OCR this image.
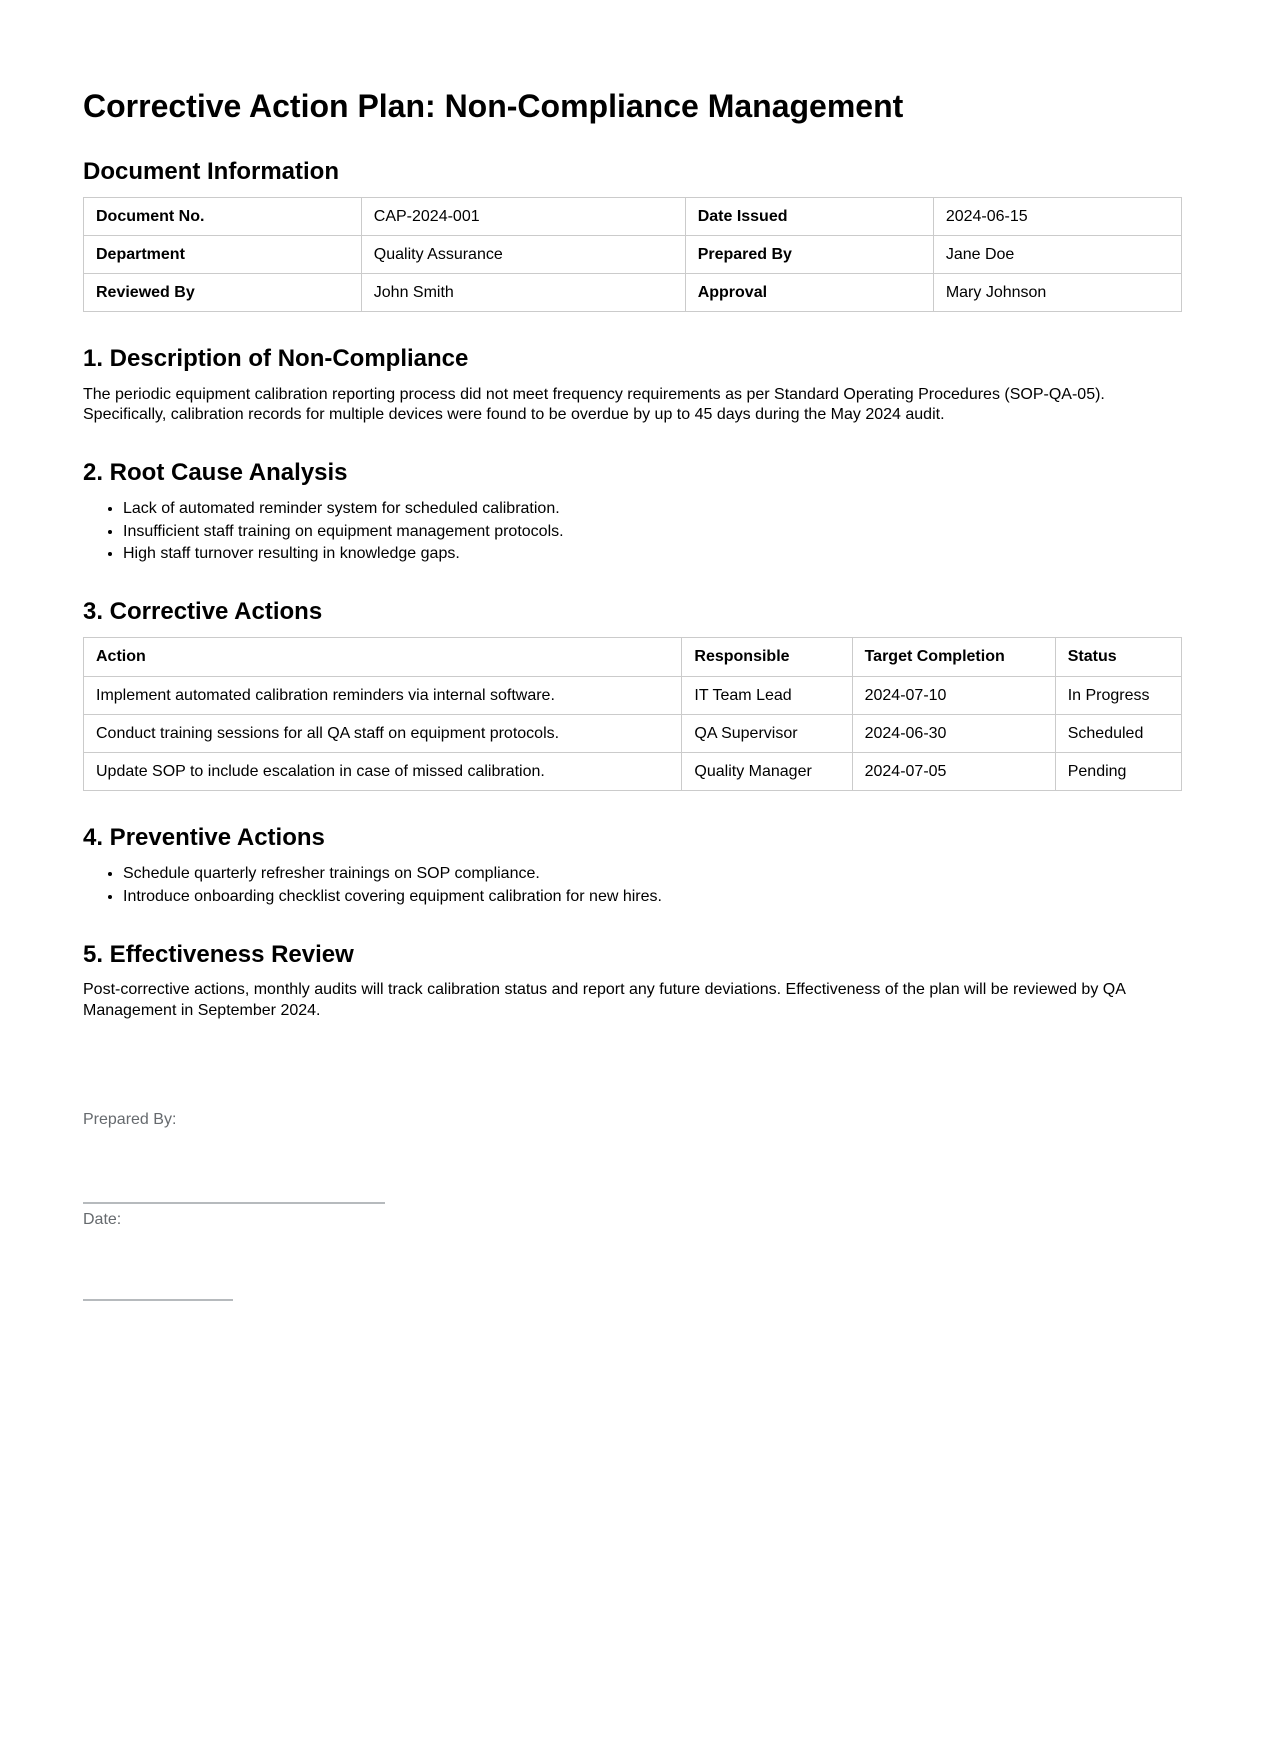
Corrective Action Plan: Non-Compliance Management
Document Information
Document No.	CAP-2024-001	Date Issued	2024-06-15
Department	Quality Assurance	Prepared By	Jane Doe
Reviewed By	John Smith	Approval	Mary Johnson
1. Description of Non-Compliance

The periodic equipment calibration reporting process did not meet frequency requirements as per Standard Operating Procedures (SOP-QA-05). Specifically, calibration records for multiple devices were found to be overdue by up to 45 days during the May 2024 audit.

2. Root Cause Analysis
• Lack of automated reminder system for scheduled calibration.
• Insufficient staff training on equipment management protocols.
• High staff turnover resulting in knowledge gaps.
3. Corrective Actions
Action	Responsible	Target Completion	Status
Implement automated calibration reminders via internal software.	IT Team Lead	2024-07-10	In Progress
Conduct training sessions for all QA staff on equipment protocols.	QA Supervisor	2024-06-30	Scheduled
Update SOP to include escalation in case of missed calibration.	Quality Manager	2024-07-05	Pending
4. Preventive Actions
• Schedule quarterly refresher trainings on SOP compliance.
• Introduce onboarding checklist covering equipment calibration for new hires.
5. Effectiveness Review

Post-corrective actions, monthly audits will track calibration status and report any future deviations. Effectiveness of the plan will be reviewed by QA Management in September 2024.

Prepared By:

Date:
